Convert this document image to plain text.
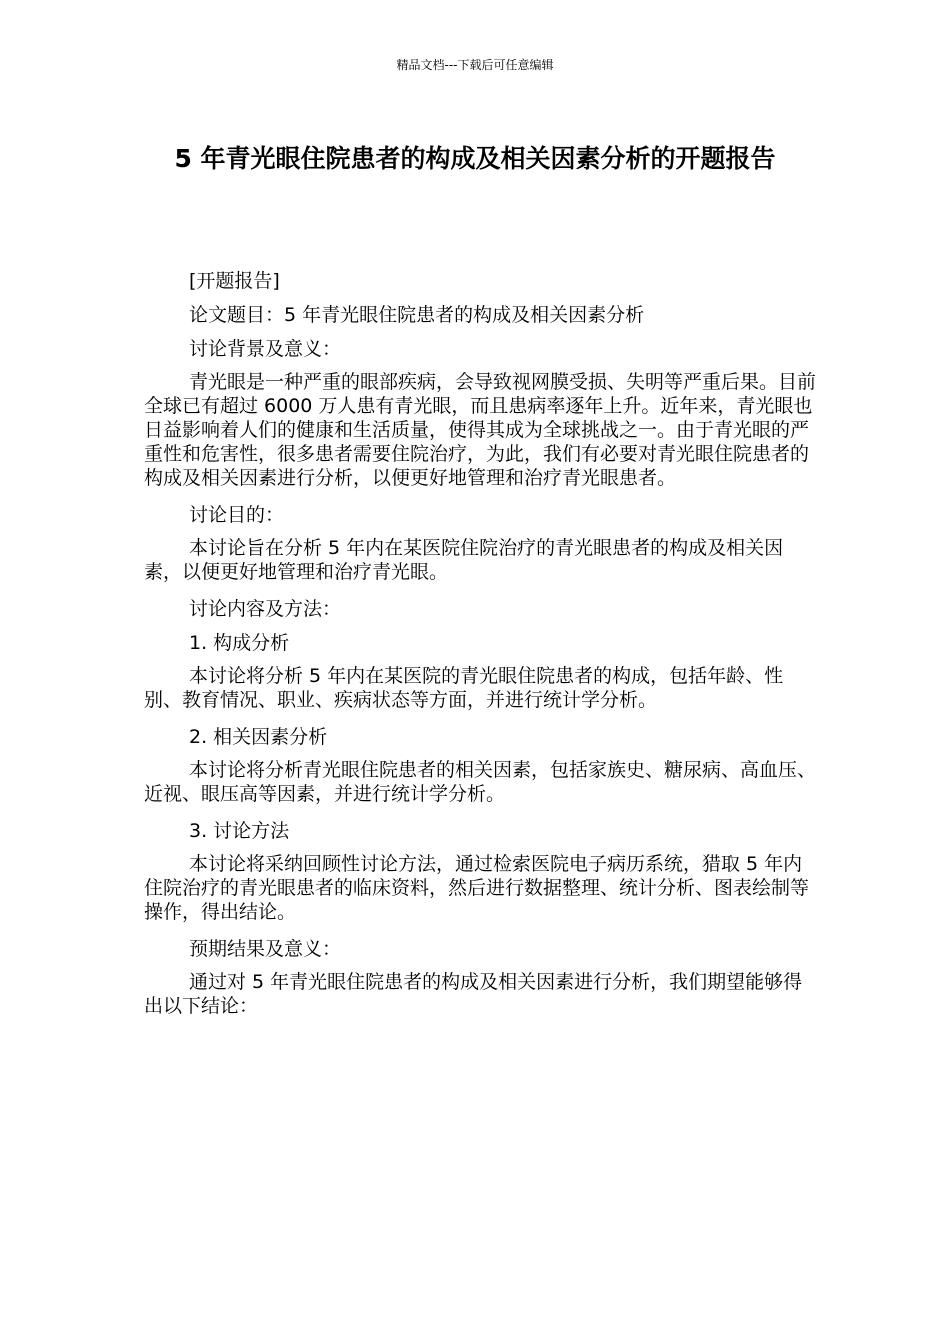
精品文档---下载后可任意编辑
5 年青光眼住院患者的构成及相关因素分析的开题报告

[开题报告]

论文题目：5 年青光眼住院患者的构成及相关因素分析

讨论背景及意义：

青光眼是一种严重的眼部疾病，会导致视网膜受损、失明等严重后果。目前全球已有超过 6000 万人患有青光眼，而且患病率逐年上升。近年来，青光眼也日益影响着人们的健康和生活质量，使得其成为全球挑战之一。由于青光眼的严重性和危害性，很多患者需要住院治疗，为此，我们有必要对青光眼住院患者的构成及相关因素进行分析，以便更好地管理和治疗青光眼患者。

讨论目的：

本讨论旨在分析 5 年内在某医院住院治疗的青光眼患者的构成及相关因素，以便更好地管理和治疗青光眼。

讨论内容及方法：

1. 构成分析

本讨论将分析 5 年内在某医院的青光眼住院患者的构成，包括年龄、性别、教育情况、职业、疾病状态等方面，并进行统计学分析。

2. 相关因素分析

本讨论将分析青光眼住院患者的相关因素，包括家族史、糖尿病、高血压、近视、眼压高等因素，并进行统计学分析。

3. 讨论方法

本讨论将采纳回顾性讨论方法，通过检索医院电子病历系统，猎取 5 年内住院治疗的青光眼患者的临床资料，然后进行数据整理、统计分析、图表绘制等操作，得出结论。

预期结果及意义：

通过对 5 年青光眼住院患者的构成及相关因素进行分析，我们期望能够得出以下结论：
